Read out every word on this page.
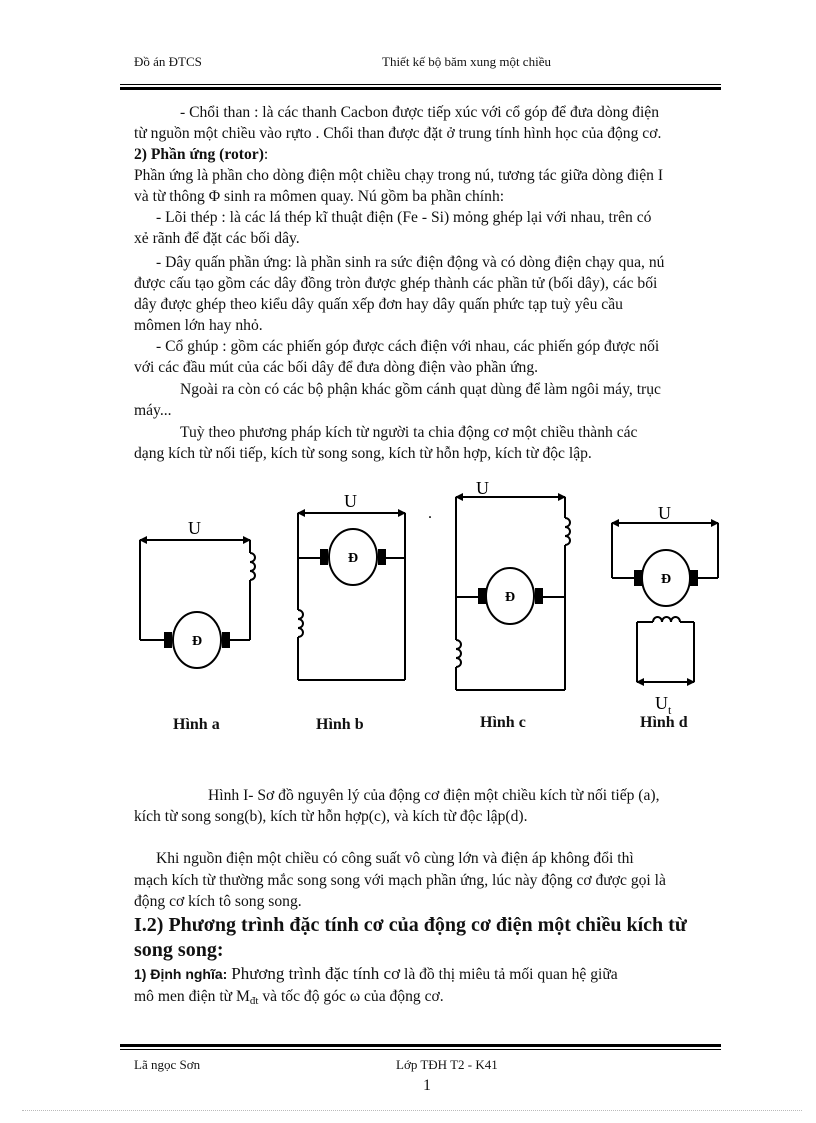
Đồ án ĐTCS	Thiết kế bộ băm xung một chiều
- Chổi than : là các thanh Cacbon được tiếp xúc với cổ góp để đưa dòng điện
từ nguồn một chiều vào rựto . Chổi than được đặt ở trung tính hình học của động cơ.
2) Phần ứng (rotor):
Phần ứng là phần cho dòng điện một chiều chạy trong nú, tương tác giữa dòng điện I
và từ thông Φ sinh ra mômen quay. Nú gồm ba phần chính:
- Lõi thép : là các lá thép kĩ thuật điện (Fe - Si) mỏng ghép lại với nhau, trên có
xẻ rãnh để đặt các bối dây.
- Dây quấn phần ứng: là phần sinh ra sức điện động và có dòng điện chạy qua, nú
được cấu tạo gồm các dây đồng tròn được ghép thành các phần tử (bối dây), các bối
dây được ghép theo kiểu dây quấn xếp đơn hay dây quấn phức tạp tuỳ yêu cầu
mômen lớn hay nhỏ.
- Cổ ghúp : gồm các phiến góp được cách điện với nhau, các phiến góp được nối
với các đầu mút của các bối dây để đưa dòng điện vào phần ứng.
Ngoài ra còn có các bộ phận khác gồm cánh quạt dùng để làm ngôi máy, trục
máy...
Tuỳ theo phương pháp kích từ người ta chia động cơ một chiều thành các
dạng kích từ nối tiếp, kích từ song song, kích từ hỗn hợp, kích từ độc lập.
U
U
U
U
$U_t$
.
Đ
Đ
Đ
Đ
Hình a	Hình b	Hình c	Hình d
Hình I- Sơ đồ nguyên lý của động cơ điện một chiều kích từ nối tiếp (a),
kích từ song song(b), kích từ hỗn hợp(c), và kích từ độc lập(d).
Khi nguồn điện một chiều có công suất vô cùng lớn và điện áp không đổi thì
mạch kích từ thường mắc song song với mạch phần ứng, lúc này động cơ được gọi là
động cơ kích tô song song.
I.2) Phương trình đặc tính cơ của động cơ điện một chiều kích từ
song song:
1) Định nghĩa: Phương trình đặc tính cơ là đồ thị miêu tả mối quan hệ giữa
mô men điện từ $M_{đt}$ và tốc độ góc ω của động cơ.
Lã ngọc Sơn	Lớp TĐH T2 - K41
1
